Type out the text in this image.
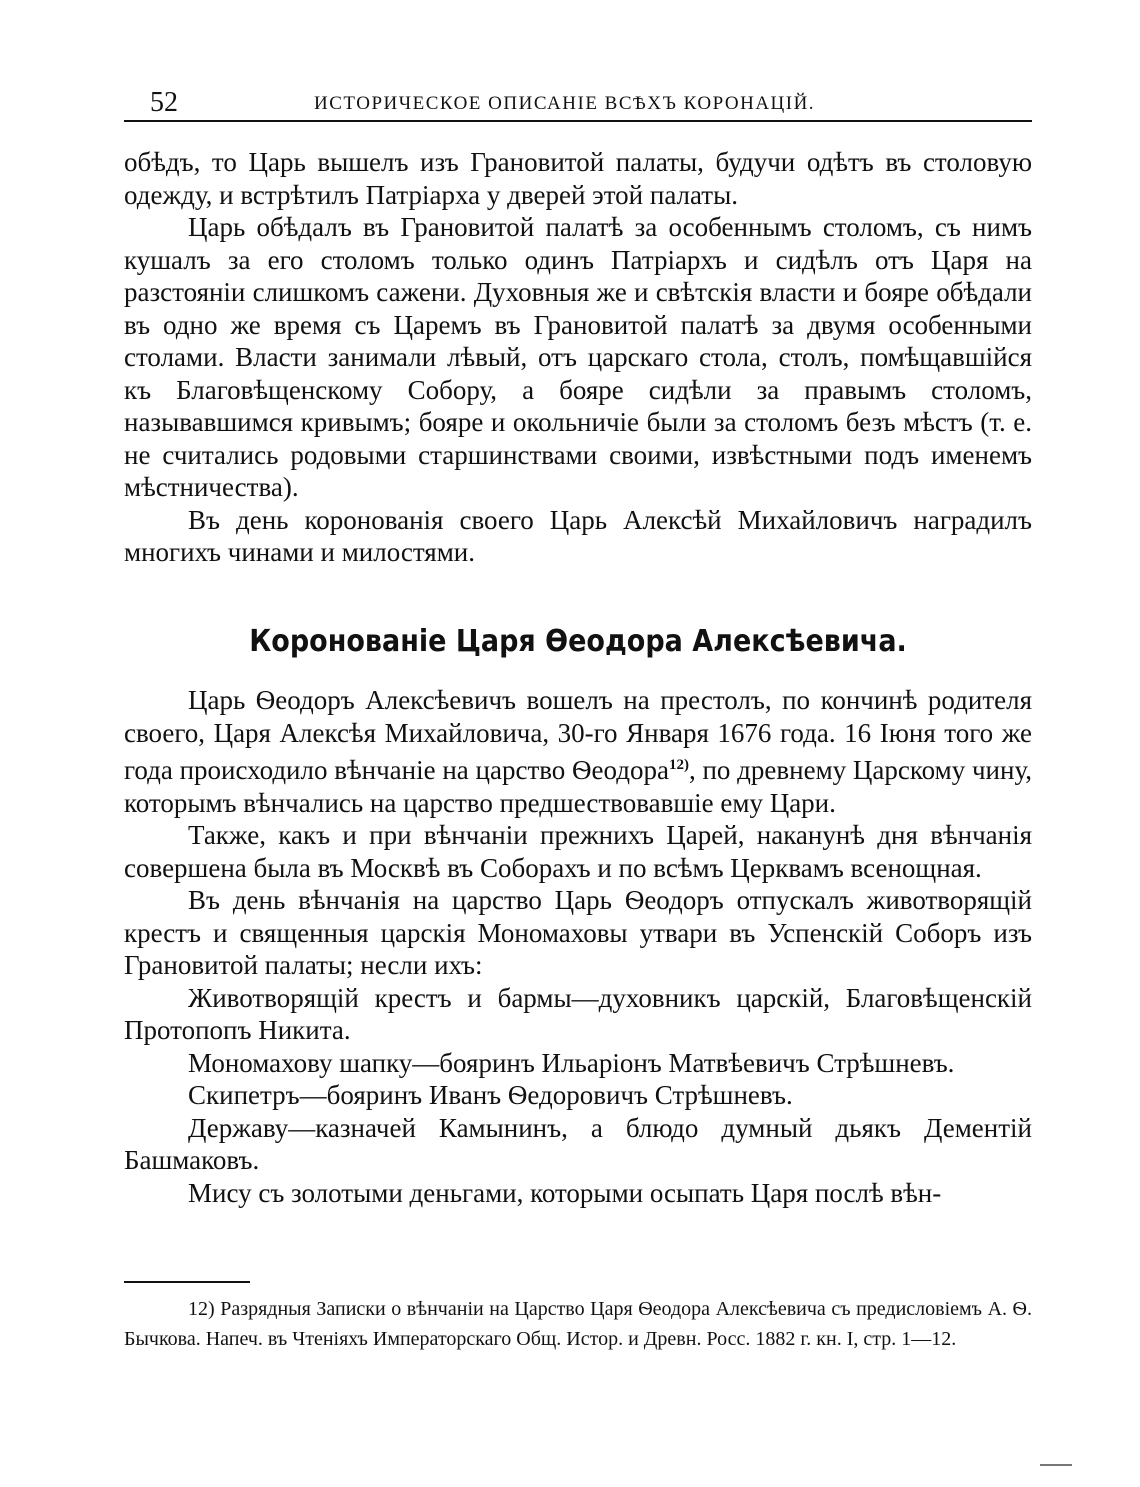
52	ИСТОРИЧЕСКОЕ ОПИСАНІЕ ВСѢХЪ КОРОНАЦІЙ.

обѣдъ, то Царь вышелъ изъ Грановитой палаты, будучи одѣтъ въ столовую одежду, и встрѣтилъ Патріарха у дверей этой палаты.

Царь обѣдалъ въ Грановитой палатѣ за особеннымъ столомъ, съ нимъ кушалъ за его столомъ только одинъ Патріархъ и сидѣлъ отъ Царя на разстояніи слишкомъ сажени. Духовныя же и свѣтскія власти и бояре обѣдали въ одно же время съ Царемъ въ Грановитой палатѣ за двумя особенными столами. Власти занимали лѣвый, отъ царскаго стола, столъ, помѣщавшійся къ Благовѣщенскому Собору, а бояре сидѣли за правымъ столомъ, называвшимся кривымъ; бояре и окольничіе были за столомъ безъ мѣстъ (т. е. не считались родовыми старшинствами своими, извѣстными подъ именемъ мѣстничества).

Въ день коронованія своего Царь Алексѣй Михайловичъ наградилъ многихъ чинами и милостями.

Коронованіе Царя Ѳеодора Алексѣевича.

Царь Ѳеодоръ Алексѣевичъ вошелъ на престолъ, по кончинѣ родителя своего, Царя Алексѣя Михайловича, 30-го Января 1676 года. 16 Іюня того же года происходило вѣнчаніе на царство Ѳеодора$^{12)}$, по древнему Царскому чину, которымъ вѣнчались на царство предшествовавшіе ему Цари.

Также, какъ и при вѣнчаніи прежнихъ Царей, наканунѣ дня вѣнчанія совершена была въ Москвѣ въ Соборахъ и по всѣмъ Церквамъ всенощная.

Въ день вѣнчанія на царство Царь Ѳеодоръ отпускалъ животворящій крестъ и священныя царскія Мономаховы утвари въ Успенскій Соборъ изъ Грановитой палаты; несли ихъ:

Животворящій крестъ и бармы—духовникъ царскій, Благовѣщенскій Протопопъ Никита.

Мономахову шапку—бояринъ Ильаріонъ Матвѣевичъ Стрѣшневъ.

Скипетръ—бояринъ Иванъ Ѳедоровичъ Стрѣшневъ.

Державу—казначей Камынинъ, а блюдо думный дьякъ Дементій Башмаковъ.

Мису съ золотыми деньгами, которыми осыпать Царя послѣ вѣн-

12) Разрядныя Записки о вѣнчаніи на Царство Царя Ѳеодора Алексѣевича съ предисловіемъ А. Ѳ. Бычкова. Напеч. въ Чтеніяхъ Императорскаго Общ. Истор. и Древн. Росс. 1882 г. кн. I, стр. 1—12.
